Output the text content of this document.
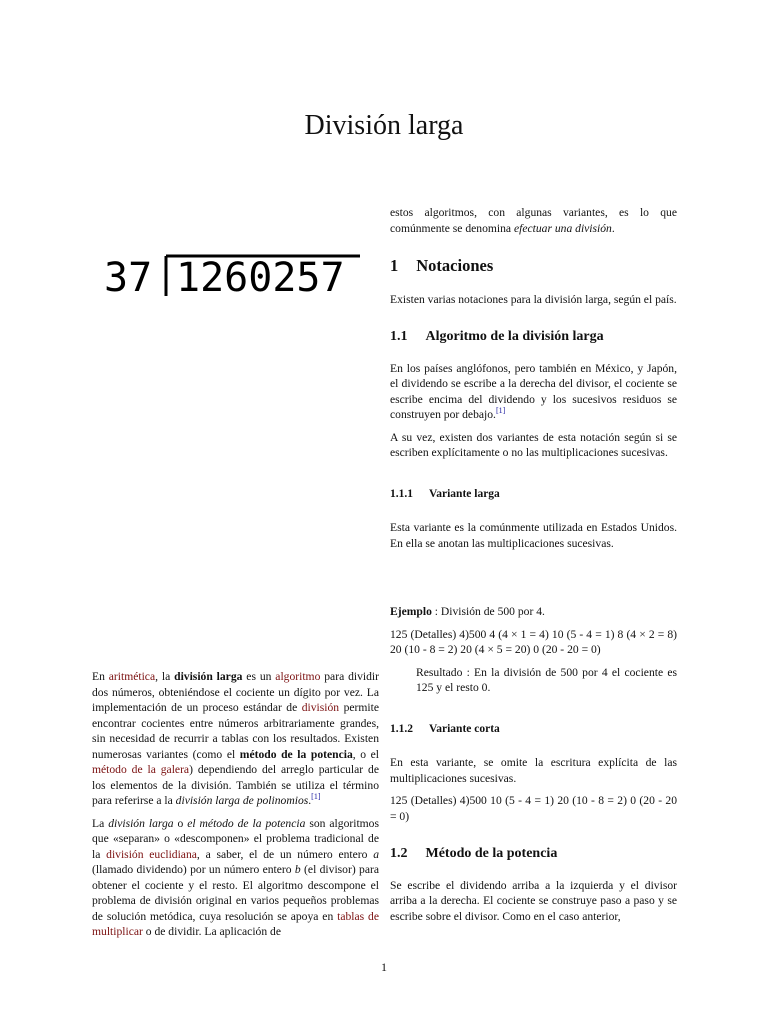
División larga
37 1260257

En aritmética, la división larga es un algoritmo para dividir dos números, obteniéndose el cociente un dígito por vez. La implementación de un proceso estándar de división permite encontrar cocientes entre números arbitrariamente grandes, sin necesidad de recurrir a tablas con los resultados. Existen numerosas variantes (como el método de la potencia, o el método de la galera) dependiendo del arreglo particular de los elementos de la división. También se utiliza el término para referirse a la división larga de polinomios.[1]

La división larga o el método de la potencia son algoritmos que «separan» o «descomponen» el problema tradicional de la división euclidiana, a saber, el de un número entero a (llamado dividendo) por un número entero b (el divisor) para obtener el cociente y el resto. El algoritmo descompone el problema de división original en varios pequeños problemas de solución metódica, cuya resolución se apoya en tablas de multiplicar o de dividir. La aplicación de

estos algoritmos, con algunas variantes, es lo que comúnmente se denomina efectuar una división.

1 Notaciones

Existen varias notaciones para la división larga, según el país.

1.1 Algoritmo de la división larga

En los países anglófonos, pero también en México, y Japón, el dividendo se escribe a la derecha del divisor, el cociente se escribe encima del dividendo y los sucesivos residuos se construyen por debajo.[1]

A su vez, existen dos variantes de esta notación según si se escriben explícitamente o no las multiplicaciones sucesivas.

1.1.1 Variante larga

Esta variante es la comúnmente utilizada en Estados Unidos. En ella se anotan las multiplicaciones sucesivas.

Ejemplo : División de 500 por 4.

125 (Detalles) 4)500 4 (4 × 1 = 4) 10 (5 - 4 = 1) 8 (4 × 2 = 8) 20 (10 - 8 = 2) 20 (4 × 5 = 20) 0 (20 - 20 = 0)

Resultado : En la división de 500 por 4 el cociente es 125 y el resto 0.

1.1.2 Variante corta

En esta variante, se omite la escritura explícita de las multiplicaciones sucesivas.

125 (Detalles) 4)500 10 (5 - 4 = 1) 20 (10 - 8 = 2) 0 (20 - 20 = 0)

1.2 Método de la potencia

Se escribe el dividendo arriba a la izquierda y el divisor arriba a la derecha. El cociente se construye paso a paso y se escribe sobre el divisor. Como en el caso anterior,

1
